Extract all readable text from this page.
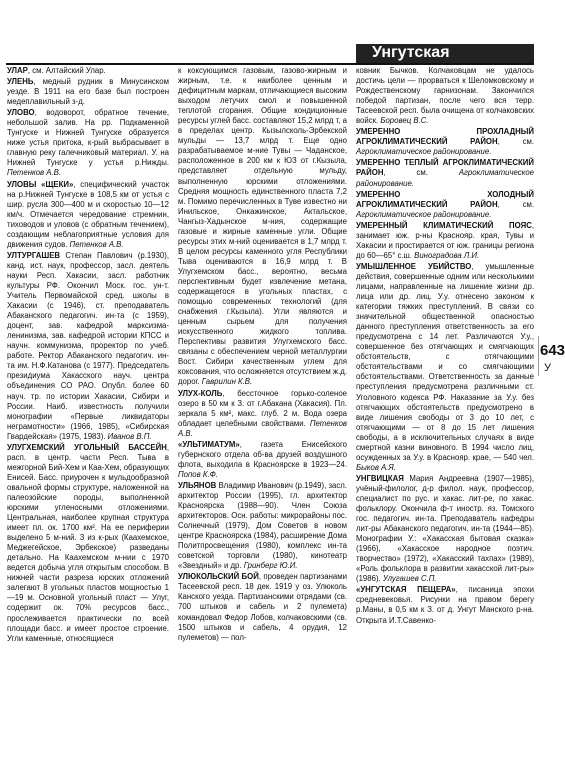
Унгутская

УЛАР, см. Алтайский Улар.

УЛЕНЬ, медный рудник в Минусинском уезде. В 1911 на его базе был построен медеплавильный з-д.

УЛОВО, водоворот, обратное течение, небольшой залив. На рр. Подкаменной Тунгуске и Нижней Тунгуске образуется ниже устья притока, к-рый выбрасывает в главную реку галечниковый материал. У. на Нижней Тунгуске у устья р.Нижды. Петенков А.В.

УЛОВЫ «ЩЕКИ», специфический участок на р.Нижней Тунгуске в 108,5 км от устья с шир. русла 300—400 м и скоростью 10—12 км/ч. Отмечается чередование стремнин, тиховодов и уловов (с обратным течением), создающим неблагоприятные условия для движения судов. Петенков А.В.

УЛТУРГАШЕВ Степан Павлович (р.1930), канд. ист. наук, профессор, засл. деятель науки Респ. Хакасии, засл. работник культуры РФ. Окончил Моск. гос. ун-т. Учитель Первомайской сред. школы в Хакасии (с 1946), ст. преподаватель Абаканского педагогич. ин-та (с 1959), доцент, зав. кафедрой марксизма-ленинизма, зав. кафедрой истории КПСС и научн. коммунизма, проректор по учеб. работе. Ректор Абаканского педагогич. ин-та им. Н.Ф.Катанова (с 1977). Председатель президиума Хакасского науч. центра объединения СО РАО. Опубл. более 60 науч. тр. по истории Хакасии, Сибири и России. Наиб. известность получили монографии «Первые ликвидаторы неграмотности» (1966, 1985), «Сибирская Гвардейская» (1975, 1983). Иванов В.П.

УЛУГХЕМСКИЙ УГОЛЬНЫЙ БАССЕЙН, расп. в центр. части Респ. Тыва в межгорной Бий-Хем и Каа-Хем, образующих Енисей. Басс. приурочен к мульдообразной овальной формы структуре, наложенной на палеозойские породы, выполненной юрскими угленосными отложениями. Центральная, наиболее крупная структура имеет пл. ок. 1700 км². На ее периферии выделено 5 м-ний. 3 из к-рых (Каахемское, Меджегейское, Эрбекское) разведаны детально. На Каахемском м-нии с 1970 ведется добыча угля открытым способом. В нижней части разреза юрских отложений залегают 8 угольных пластов мощностью 1—19 м. Основной угольный пласт — Улуг, содержит ок. 70% ресурсов басс., прослеживается практически по всей площади басс. и имеет простое строение. Угли каменные, относящиеся

к коксующимся газовым, газово-жирным и жирным, т.е. к наиболее ценным и дефицитным маркам, отличающиеся высоким выходом летучих смол и повышенной теплотой сгорания. Общие кондиционные ресурсы углей басс. составляют 15,2 млрд т, а в пределах центр. Кызылсколь-Эрбекской мульды — 13,7 млрд т. Еще одно разрабатываемое м-ние Тувы — Чаданское, расположенное в 200 км к ЮЗ от г.Кызыла, представляет отдельную мульду, выполненную юрскими отложениями. Средняя мощность единственного пласта 7,2 м. Помимо перечисленных в Туве известно ни Инильское, Онкажинское, Актальское, Чангыз-Хадынское м-ния, содержащие газовые и жирные каменные угли. Общие ресурсы этих м-ний оценивается в 1,7 млрд т. В целом ресурсы каменного угля Республики Тыва оцениваются в 16,9 млрд т. В Улугхемском басс., вероятно, весьма перспективным будет извлечение метана, содержащегося в угольных пластах, с помощью современных технологий (для снабжения г.Кызыла). Угли являются и ценным сырьем для получения искусственного жидкого топлива. Перспективы развития Улугхемского басс. связаны с обеспечением черной металлургии Вост. Сибири качественным углем для коксования, что осложняется отсутствием ж.д. дорог. Гаврилин К.В.

УЛУХ-КОЛЬ, бессточное горько-соленое озеро в 50 км к З. от г.Абакана (Хакасия). Пл. зеркала 5 км², макс. глуб. 2 м. Вода озера обладает целебными свойствами. Петенков А.В.

«УЛЬТИМАТУМ», газета Енисейского губернского отдела об-ва друзей воздушного флота, выходила в Красноярске в 1923—24. Попов К.Ф.

УЛЬЯНОВ Владимир Иванович (р.1949), засл. архитектор России (1995), гл. архитектор Красноярска (1988—90). Член Союза архитекторов. Осн. работы: микрорайоны пос. Солнечный (1979), Дом Советов в новом центре Красноярска (1984), расширение Дома Политпросвещения (1980), комплекс ин-та советской торговли (1980), кинотеатр «Звездный» и др. Гринберг Ю.И.

УЛЮКОЛЬСКИЙ БОЙ, проведен партизанами Тасеевской респ. 18 дек. 1919 у оз. Улюколь Канского уезда. Партизанскими отрядами (св. 700 штыков и сабель и 2 пулемета) командовал Федор Лобов, колчаковскими (св. 1500 штыков и сабель, 4 орудия, 12 пулеметов) — пол-

ковник Бычков. Колчаковцам не удалось достичь цели — прорваться к Шеломковскому и Рождественскому гарнизонам. Закончился победой партизан, после чего вся терр. Тасеевской респ. была очищена от колчаковских войск. Боровец В.С.

УМЕРЕННО ПРОХЛАДНЫЙ АГРОКЛИМАТИЧЕСКИЙ РАЙОН, см. Агроклиматическое районирование.

УМЕРЕННО ТЕПЛЫЙ АГРОКЛИМАТИЧЕСКИЙ РАЙОН, см. Агроклиматическое районирование.

УМЕРЕННО ХОЛОДНЫЙ АГРОКЛИМАТИЧЕСКИЙ РАЙОН, см. Агроклиматическое районирование.

УМЕРЕННЫЙ КЛИМАТИЧЕСКИЙ ПОЯС, занимает юж. р-ны Краснояр. края, Тувы и Хакасии и простирается от юж. границы региона до 60—65° с.ш. Виноградова Л.И.

УМЫШЛЕННОЕ УБИЙСТВО, умышленные действия, совершенные одним или несколькими лицами, направленные на лишение жизни др. лица или др. лиц. У.у. отнесено законом к категории тяжких преступлений. В связи со значительной общественной опасностью данного преступления ответственность за его предусмотрена с 14 лет. Различаются У.у., совершенное без отягчающих и смягчающих обстоятельств, с отягчающими обстоятельствами и со смягчающими обстоятельствами. Ответственность за данные преступления предусмотрена различными ст. Уголовного кодекса РФ. Наказание за У.у. без отягчающих обстоятельств предусмотрено в виде лишения свободы от 3 до 10 лет, с отягчающими — от 8 до 15 лет лишения свободы, а в исключительных случаях в виде смертной казни виновного. В 1994 число лиц, осужденных за У.у. в Краснояр. крае, — 540 чел. Быков А.Я.

УНГВИЦКАЯ Мария Андреевна (1907—1985), учёный-филолог, д-р филол. наук, профессор, специалист по рус. и хакас. лит-ре, по хакас. фольклору. Окончила ф-т иностр. яз. Томского гос. педагогич. ин-та. Преподаватель кафедры лит-ры Абаканского педагогич. ин-та (1944—85). Монографии У.: «Хакасская бытовая сказка» (1966), «Хакасское народное поэтич. творчество» (1972), «Хакасский тахпах» (1989), «Роль фольклора в развитии хакасской лит-ры» (1986). Улугашев С.П.

«УНГУТСКАЯ ПЕЩЕРА», писаница эпохи средневековья. Рисунки на правом берегу р.Маны, в 0,5 км к З. от д. Унгут Манского р-на. Открыта И.Т.Савенко-

643
У
